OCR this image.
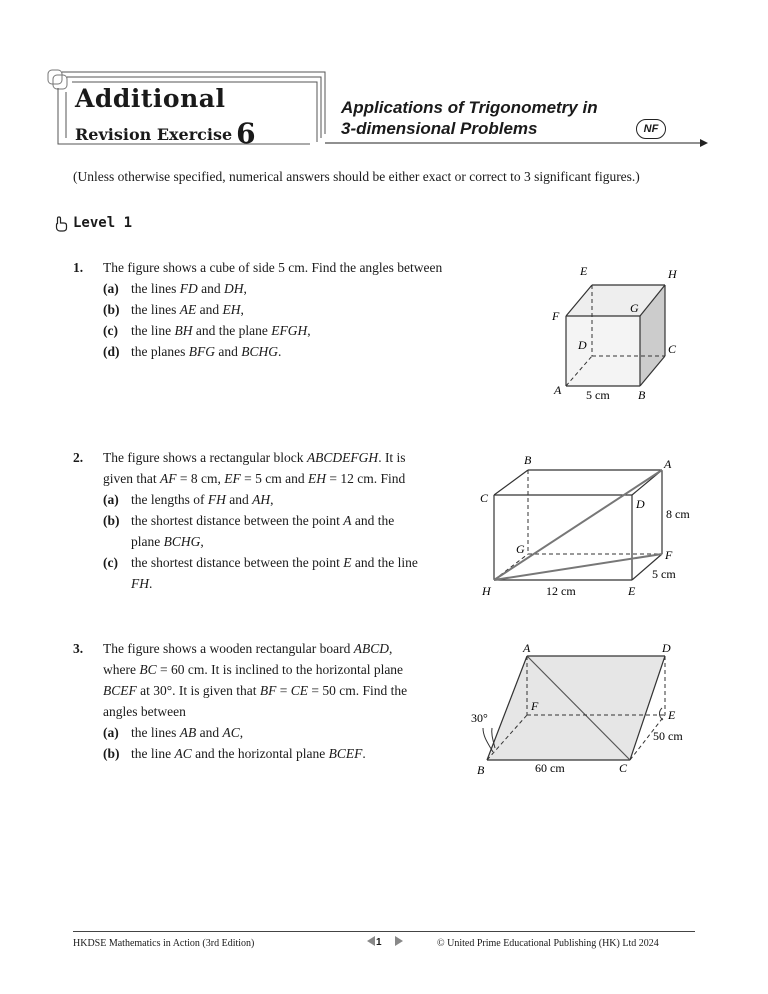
Additional
Revision Exercise 6
Applications of Trigonometry in
3-dimensional Problems	NF
(Unless otherwise specified, numerical answers should be either exact or correct to 3 significant figures.)
Level 1
1. The figure shows a cube of side 5 cm. Find the angles between
(a) the lines FD and DH,
(b) the lines AE and EH,
(c) the line BH and the plane EFGH,
(d) the planes BFG and BCHG.
E	H
F
G
D	C
A	B
5 cm
2. The figure shows a rectangular block ABCDEFGH. It is
given that AF = 8 cm, EF = 5 cm and EH = 12 cm. Find
(a) the lengths of FH and AH,
(b) the shortest distance between the point A and the
plane BCHG,
(c) the shortest distance between the point E and the line
FH.
B	A
C	D
G	F
H	E
8 cm
5 cm
12 cm
3. The figure shows a wooden rectangular board ABCD,
where BC = 60 cm. It is inclined to the horizontal plane
BCEF at 30°. It is given that BF = CE = 50 cm. Find the
angles between
(a) the lines AB and AC,
(b) the line AC and the horizontal plane BCEF.
A	D
F
E
B	C
30°
50 cm
60 cm
HKDSE Mathematics in Action (3rd Edition)	1	© United Prime Educational Publishing (HK) Ltd 2024
